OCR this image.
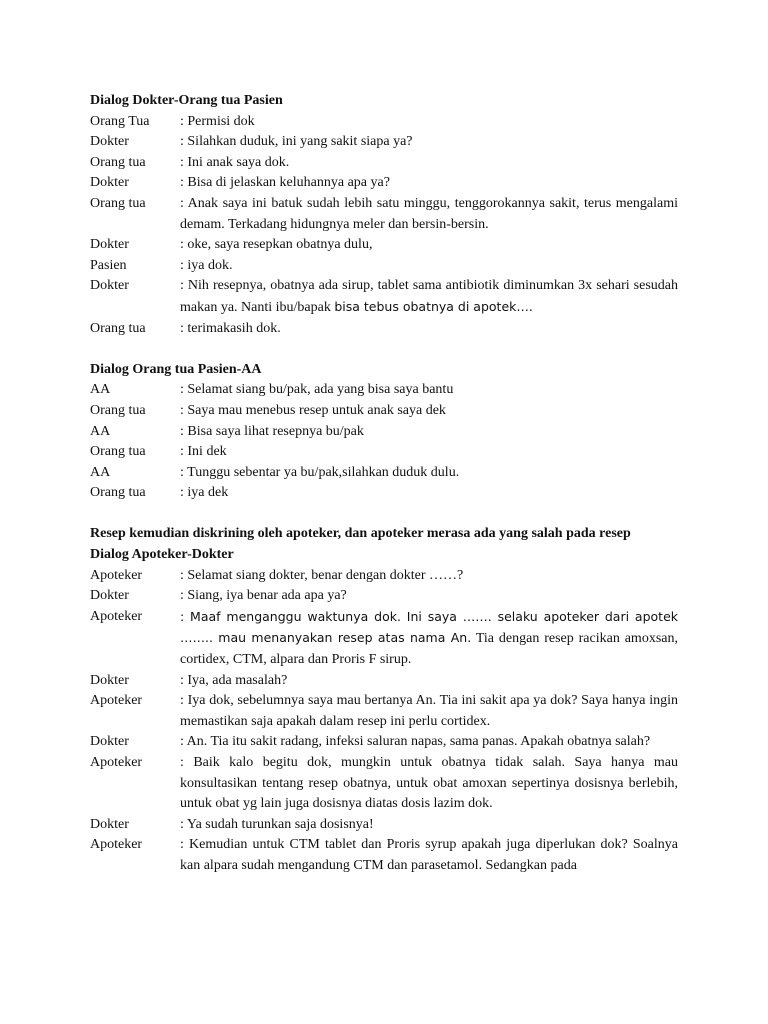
Dialog Dokter-Orang tua Pasien

Orang Tua	: Permisi dok
Dokter	: Silahkan duduk, ini yang sakit siapa ya?
Orang tua	: Ini anak saya dok.
Dokter	: Bisa di jelaskan keluhannya apa ya?
Orang tua	: Anak saya ini batuk sudah lebih satu minggu, tenggorokannya sakit, terus mengalami demam. Terkadang hidungnya meler dan bersin-bersin.
Dokter	: oke, saya resepkan obatnya dulu,
Pasien	: iya dok.
Dokter	: Nih resepnya, obatnya ada sirup, tablet sama antibiotik diminumkan 3x sehari sesudah makan ya. Nanti ibu/bapak bisa tebus obatnya di apotek….
Orang tua	: terimakasih dok.

Dialog Orang tua Pasien-AA

AA	: Selamat siang bu/pak, ada yang bisa saya bantu
Orang tua	: Saya mau menebus resep untuk anak saya dek
AA	: Bisa saya lihat resepnya bu/pak
Orang tua	: Ini dek
AA	: Tunggu sebentar ya bu/pak,silahkan duduk dulu.
Orang tua	: iya dek

Resep kemudian diskrining oleh apoteker, dan apoteker merasa ada yang salah pada resep

Dialog Apoteker-Dokter

Apoteker	: Selamat siang dokter, benar dengan dokter ……?
Dokter	: Siang, iya benar ada apa ya?
Apoteker	: Maaf menganggu waktunya dok. Ini saya ……. selaku apoteker dari apotek …….. mau menanyakan resep atas nama An. Tia dengan resep racikan amoxsan, cortidex, CTM, alpara dan Proris F sirup.
Dokter	: Iya, ada masalah?
Apoteker	: Iya dok, sebelumnya saya mau bertanya An. Tia ini sakit apa ya dok? Saya hanya ingin memastikan saja apakah dalam resep ini perlu cortidex.
Dokter	: An. Tia itu sakit radang, infeksi saluran napas, sama panas. Apakah obatnya salah?
Apoteker	: Baik kalo begitu dok, mungkin untuk obatnya tidak salah. Saya hanya mau konsultasikan tentang resep obatnya, untuk obat amoxan sepertinya dosisnya berlebih, untuk obat yg lain juga dosisnya diatas dosis lazim dok.
Dokter	: Ya sudah turunkan saja dosisnya!
Apoteker	: Kemudian untuk CTM tablet dan Proris syrup apakah juga diperlukan dok? Soalnya kan alpara sudah mengandung CTM dan parasetamol. Sedangkan pada
